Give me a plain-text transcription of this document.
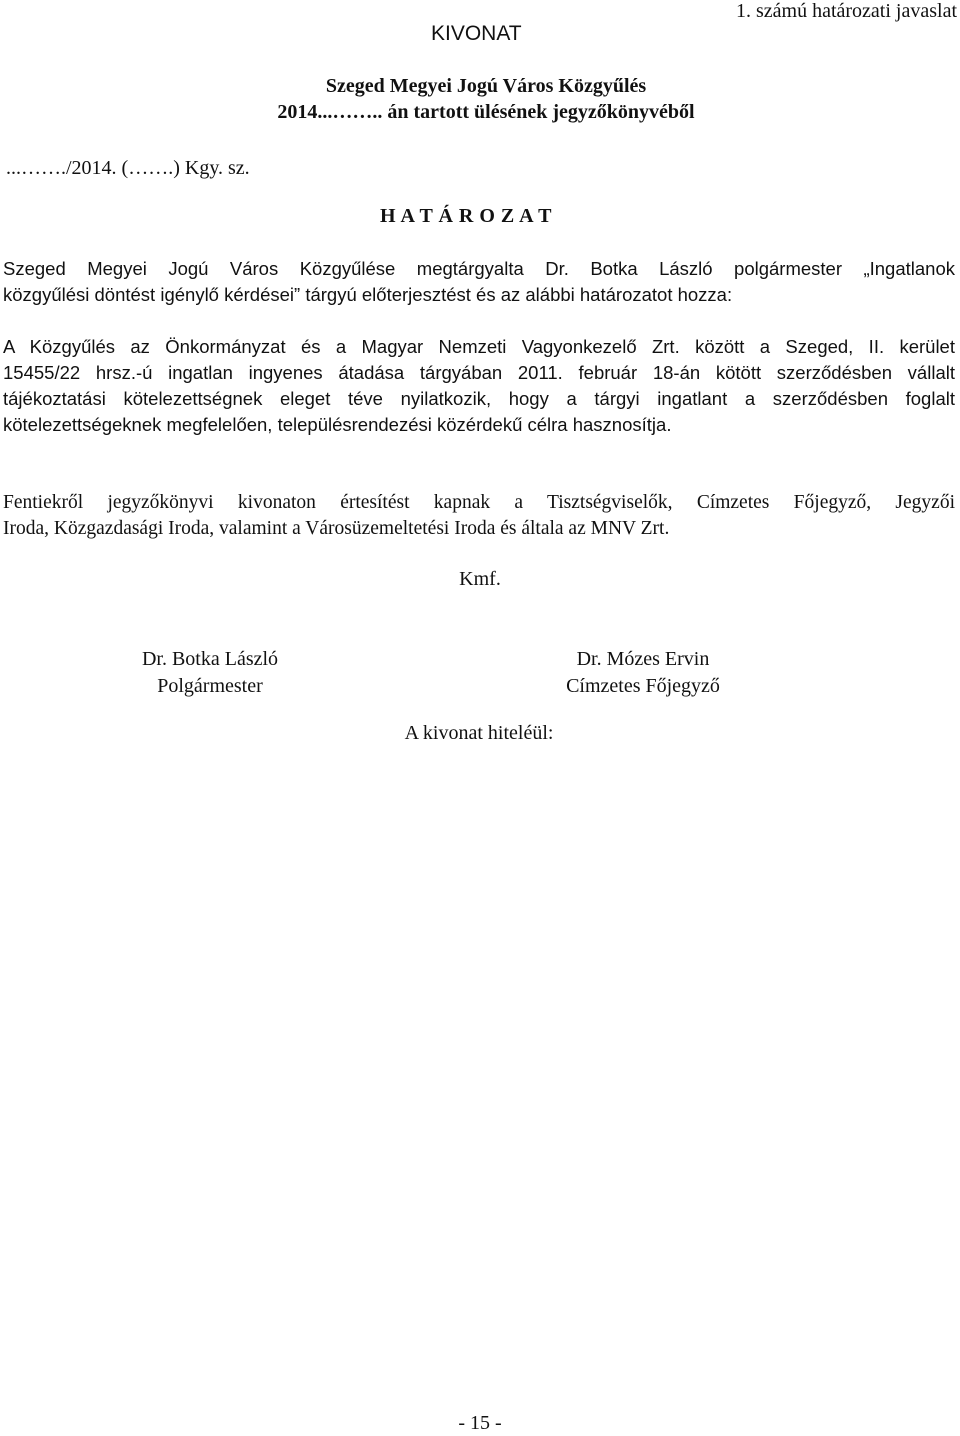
KIVONAT
1. számú határozati javaslat
Szeged Megyei Jogú Város Közgyűlés
2014...…….. án tartott ülésének jegyzőkönyvéből
...……./2014. (…….) Kgy. sz.
H A T Á R O Z A T
Szeged Megyei Jogú Város Közgyűlése megtárgyalta Dr. Botka László polgármester „Ingatlanok
közgyűlési döntést igénylő kérdései” tárgyú előterjesztést és az alábbi határozatot hozza:
A Közgyűlés az Önkormányzat és a Magyar Nemzeti Vagyonkezelő Zrt. között a Szeged, II. kerület
15455/22 hrsz.-ú ingatlan ingyenes átadása tárgyában 2011. február 18-án kötött szerződésben vállalt
tájékoztatási kötelezettségnek eleget téve nyilatkozik, hogy a tárgyi ingatlant a szerződésben foglalt
kötelezettségeknek megfelelően, településrendezési közérdekű célra hasznosítja.
Fentiekről jegyzőkönyvi kivonaton értesítést kapnak a Tisztségviselők, Címzetes Főjegyző, Jegyzői
Iroda, Közgazdasági Iroda, valamint a Városüzemeltetési Iroda és általa az MNV Zrt.
Kmf.
Dr. Botka László
Polgármester
Dr. Mózes Ervin
Címzetes Főjegyző
A kivonat hiteléül:
- 15 -
